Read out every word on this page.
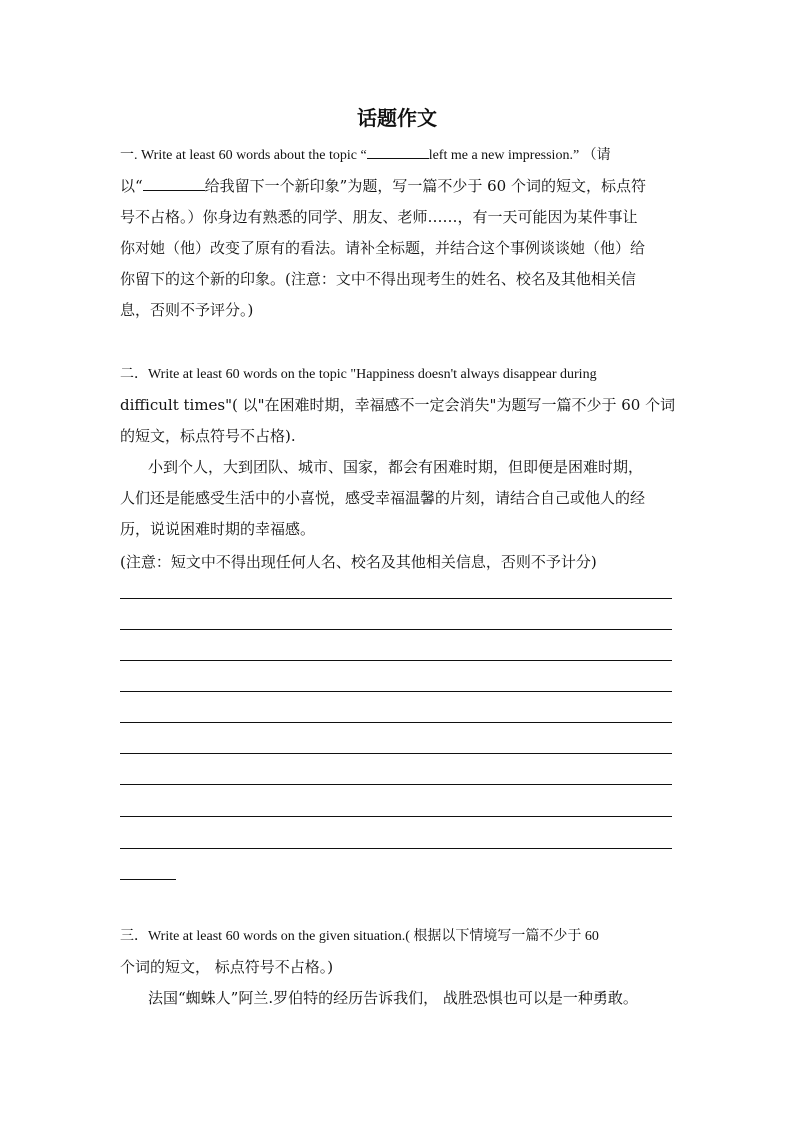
话题作文
一. Write at least 60 words about the topic “	left me a new impression.” （请
以“	给我留下一个新印象”为题，写一篇不少于 60 个词的短文，标点符
号不占格。）你身边有熟悉的同学、朋友、老师……，有一天可能因为某件事让
你对她（他）改变了原有的看法。请补全标题，并结合这个事例谈谈她（他）给
你留下的这个新的印象。(注意：文中不得出现考生的姓名、校名及其他相关信
息，否则不予评分。)
二．Write at least 60 words on the topic "Happiness doesn't always disappear during
difficult times"( 以"在困难时期，幸福感不一定会消失"为题写一篇不少于 60 个词
的短文，标点符号不占格).
小到个人，大到团队、城市、国家，都会有困难时期，但即便是困难时期，
人们还是能感受生活中的小喜悦，感受幸福温馨的片刻，请结合自己或他人的经
历，说说困难时期的幸福感。
(注意：短文中不得出现任何人名、校名及其他相关信息，否则不予计分)
三．Write at least 60 words on the given situation.( 根据以下情境写一篇不少于 60
个词的短文， 标点符号不占格。)
法国“蜘蛛人”阿兰.罗伯特的经历告诉我们， 战胜恐惧也可以是一种勇敢。
